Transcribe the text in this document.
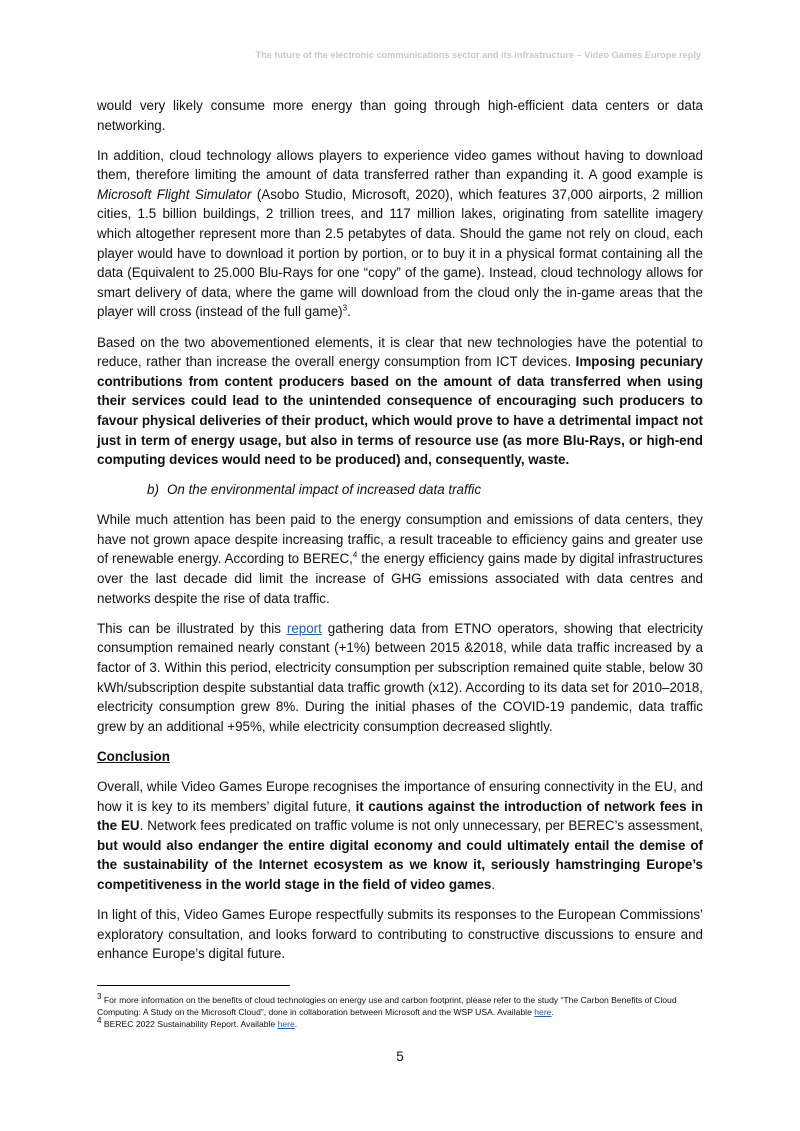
The future of the electronic communications sector and its infrastructure – Video Games Europe reply

would very likely consume more energy than going through high-efficient data centers or data networking.

In addition, cloud technology allows players to experience video games without having to download them, therefore limiting the amount of data transferred rather than expanding it. A good example is Microsoft Flight Simulator (Asobo Studio, Microsoft, 2020), which features 37,000 airports, 2 million cities, 1.5 billion buildings, 2 trillion trees, and 117 million lakes, originating from satellite imagery which altogether represent more than 2.5 petabytes of data. Should the game not rely on cloud, each player would have to download it portion by portion, or to buy it in a physical format containing all the data (Equivalent to 25.000 Blu-Rays for one “copy” of the game). Instead, cloud technology allows for smart delivery of data, where the game will download from the cloud only the in-game areas that the player will cross (instead of the full game)$^3$.

Based on the two abovementioned elements, it is clear that new technologies have the potential to reduce, rather than increase the overall energy consumption from ICT devices. Imposing pecuniary contributions from content producers based on the amount of data transferred when using their services could lead to the unintended consequence of encouraging such producers to favour physical deliveries of their product, which would prove to have a detrimental impact not just in term of energy usage, but also in terms of resource use (as more Blu-Rays, or high-end computing devices would need to be produced) and, consequently, waste.

b) On the environmental impact of increased data traffic

While much attention has been paid to the energy consumption and emissions of data centers, they have not grown apace despite increasing traffic, a result traceable to efficiency gains and greater use of renewable energy. According to BEREC,$^4$ the energy efficiency gains made by digital infrastructures over the last decade did limit the increase of GHG emissions associated with data centres and networks despite the rise of data traffic.

This can be illustrated by this report gathering data from ETNO operators, showing that electricity consumption remained nearly constant (+1%) between 2015 &2018, while data traffic increased by a factor of 3. Within this period, electricity consumption per subscription remained quite stable, below 30 kWh/subscription despite substantial data traffic growth (x12). According to its data set for 2010–2018, electricity consumption grew 8%. During the initial phases of the COVID-19 pandemic, data traffic grew by an additional +95%, while electricity consumption decreased slightly.

Conclusion

Overall, while Video Games Europe recognises the importance of ensuring connectivity in the EU, and how it is key to its members’ digital future, it cautions against the introduction of network fees in the EU. Network fees predicated on traffic volume is not only unnecessary, per BEREC’s assessment, but would also endanger the entire digital economy and could ultimately entail the demise of the sustainability of the Internet ecosystem as we know it, seriously hamstringing Europe’s competitiveness in the world stage in the field of video games.

In light of this, Video Games Europe respectfully submits its responses to the European Commissions’ exploratory consultation, and looks forward to contributing to constructive discussions to ensure and enhance Europe’s digital future.

$^3$ For more information on the benefits of cloud technologies on energy use and carbon footprint, please refer to the study “The Carbon Benefits of Cloud Computing: A Study on the Microsoft Cloud”, done in collaboration between Microsoft and the WSP USA. Available here.

$^4$ BEREC 2022 Sustainability Report. Available here.

5
